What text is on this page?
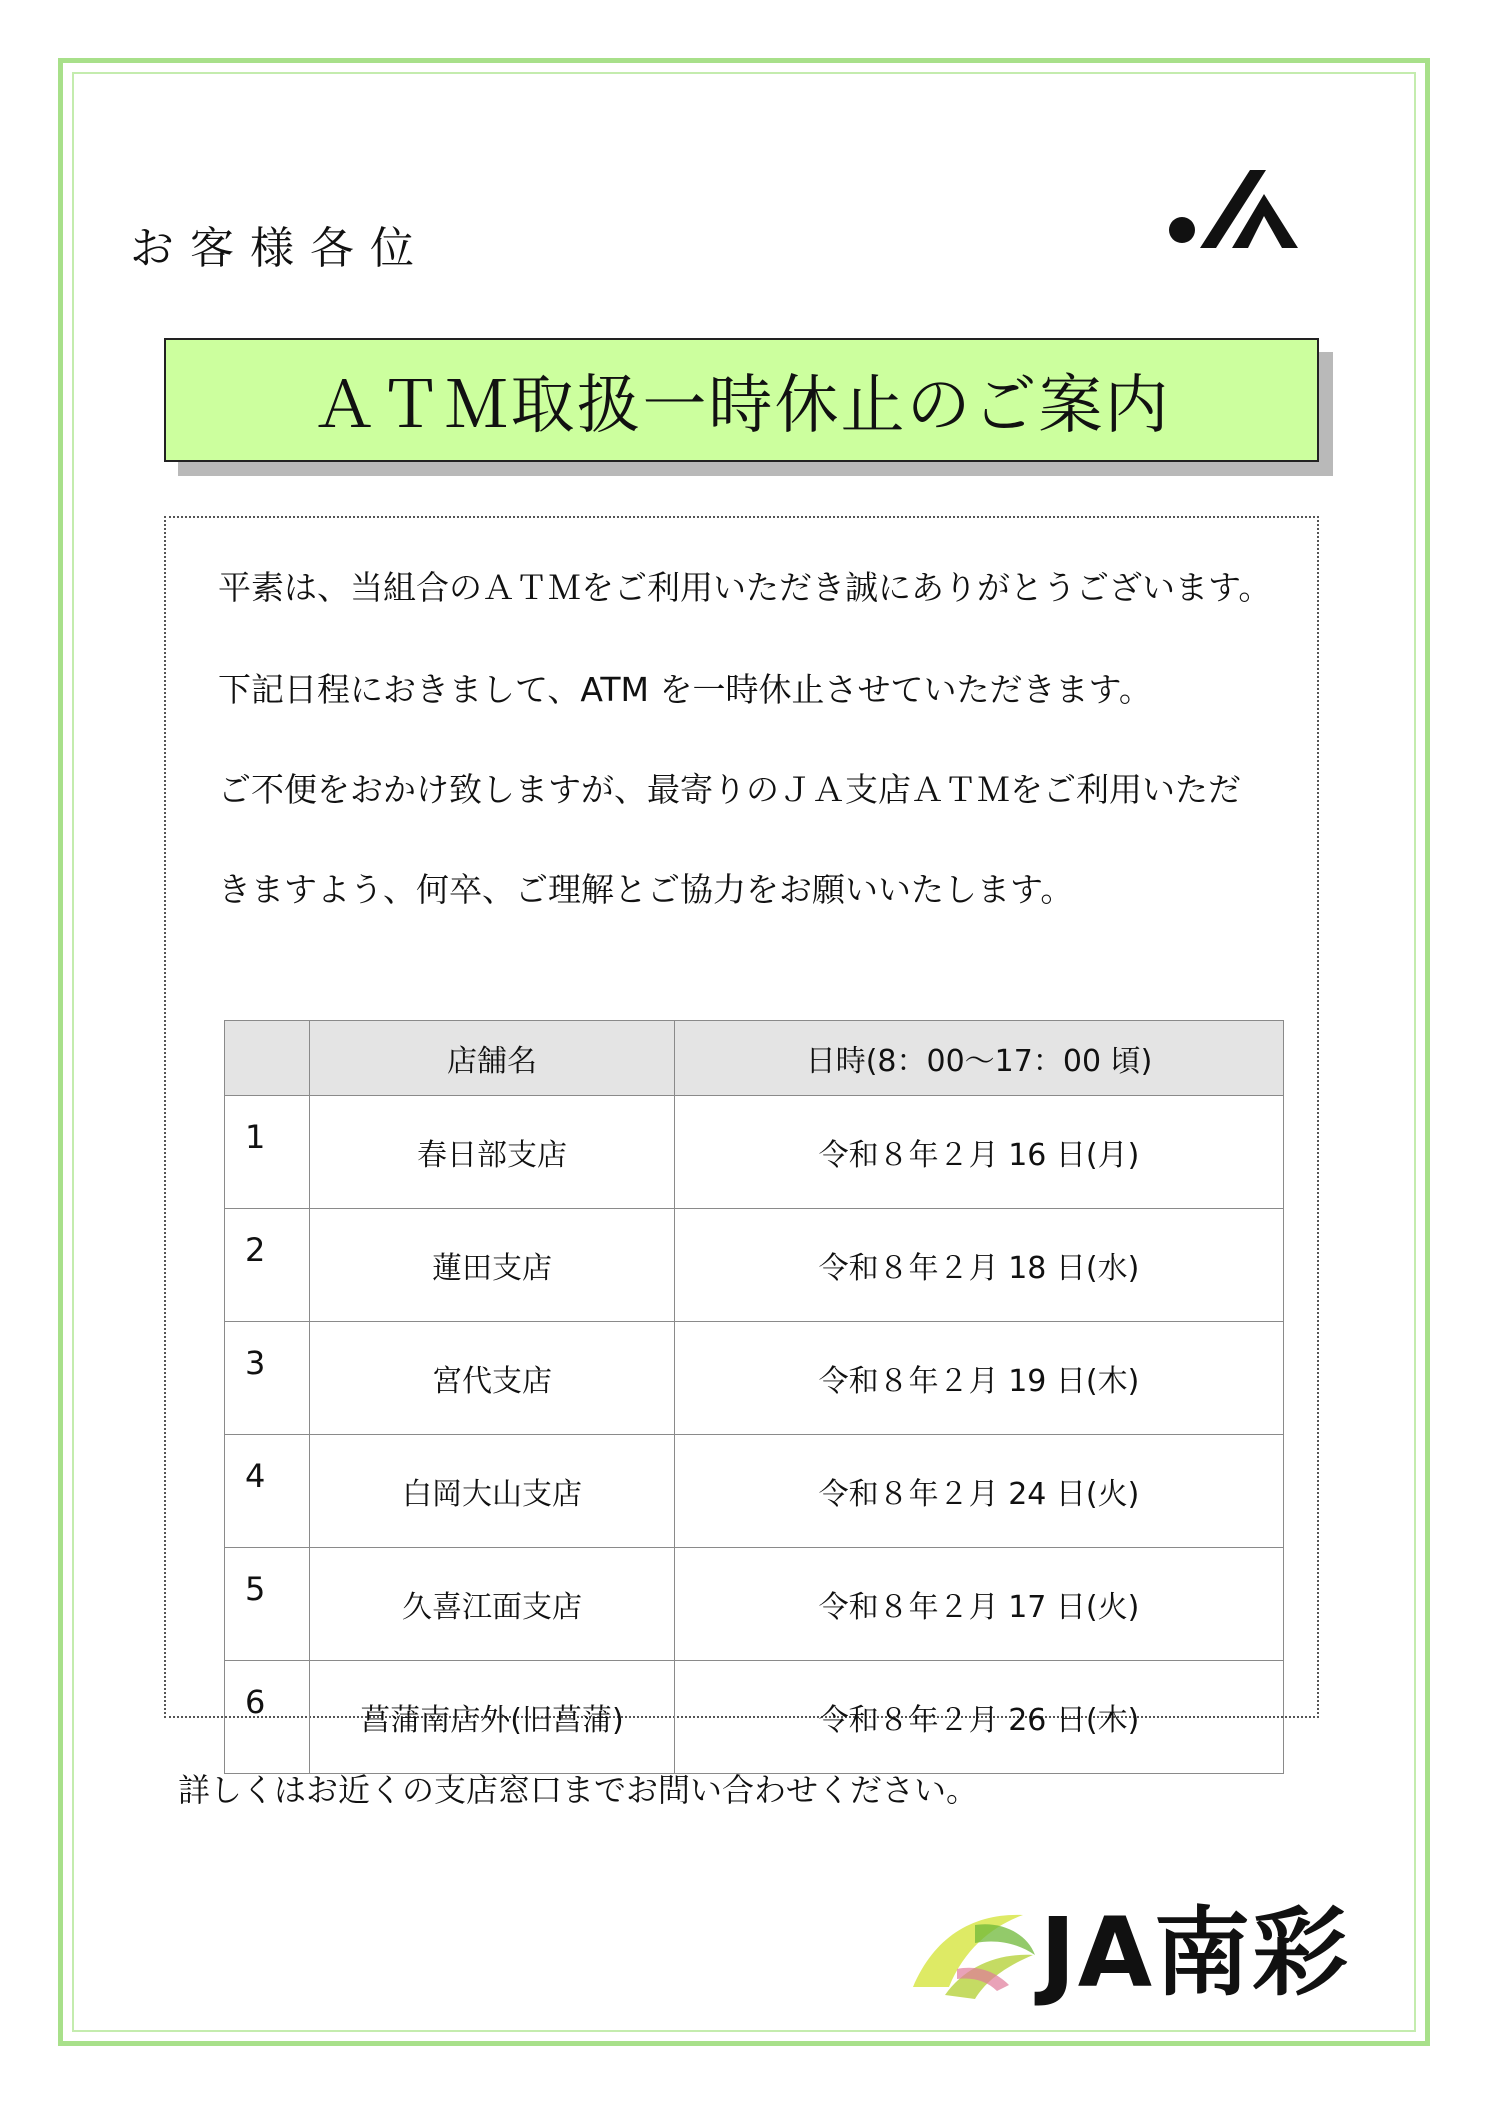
お客様各位
ＡＴＭ取扱一時休止のご案内
平素は、当組合のＡＴＭをご利用いただき誠にありがとうございます。
下記日程におきまして、ATM を一時休止させていただきます。
ご不便をおかけ致しますが、最寄りのＪＡ支店ＡＴＭをご利用いただ
きますよう、何卒、ご理解とご協力をお願いいたします。
	店舗名	日時(8：00～17：00 頃)
1	春日部支店	令和８年２月 16 日(月)
2	蓮田支店	令和８年２月 18 日(水)
3	宮代支店	令和８年２月 19 日(木)
4	白岡大山支店	令和８年２月 24 日(火)
5	久喜江面支店	令和８年２月 17 日(火)
6	菖蒲南店外(旧菖蒲)	令和８年２月 26 日(木)
詳しくはお近くの支店窓口までお問い合わせください。
JA南彩
